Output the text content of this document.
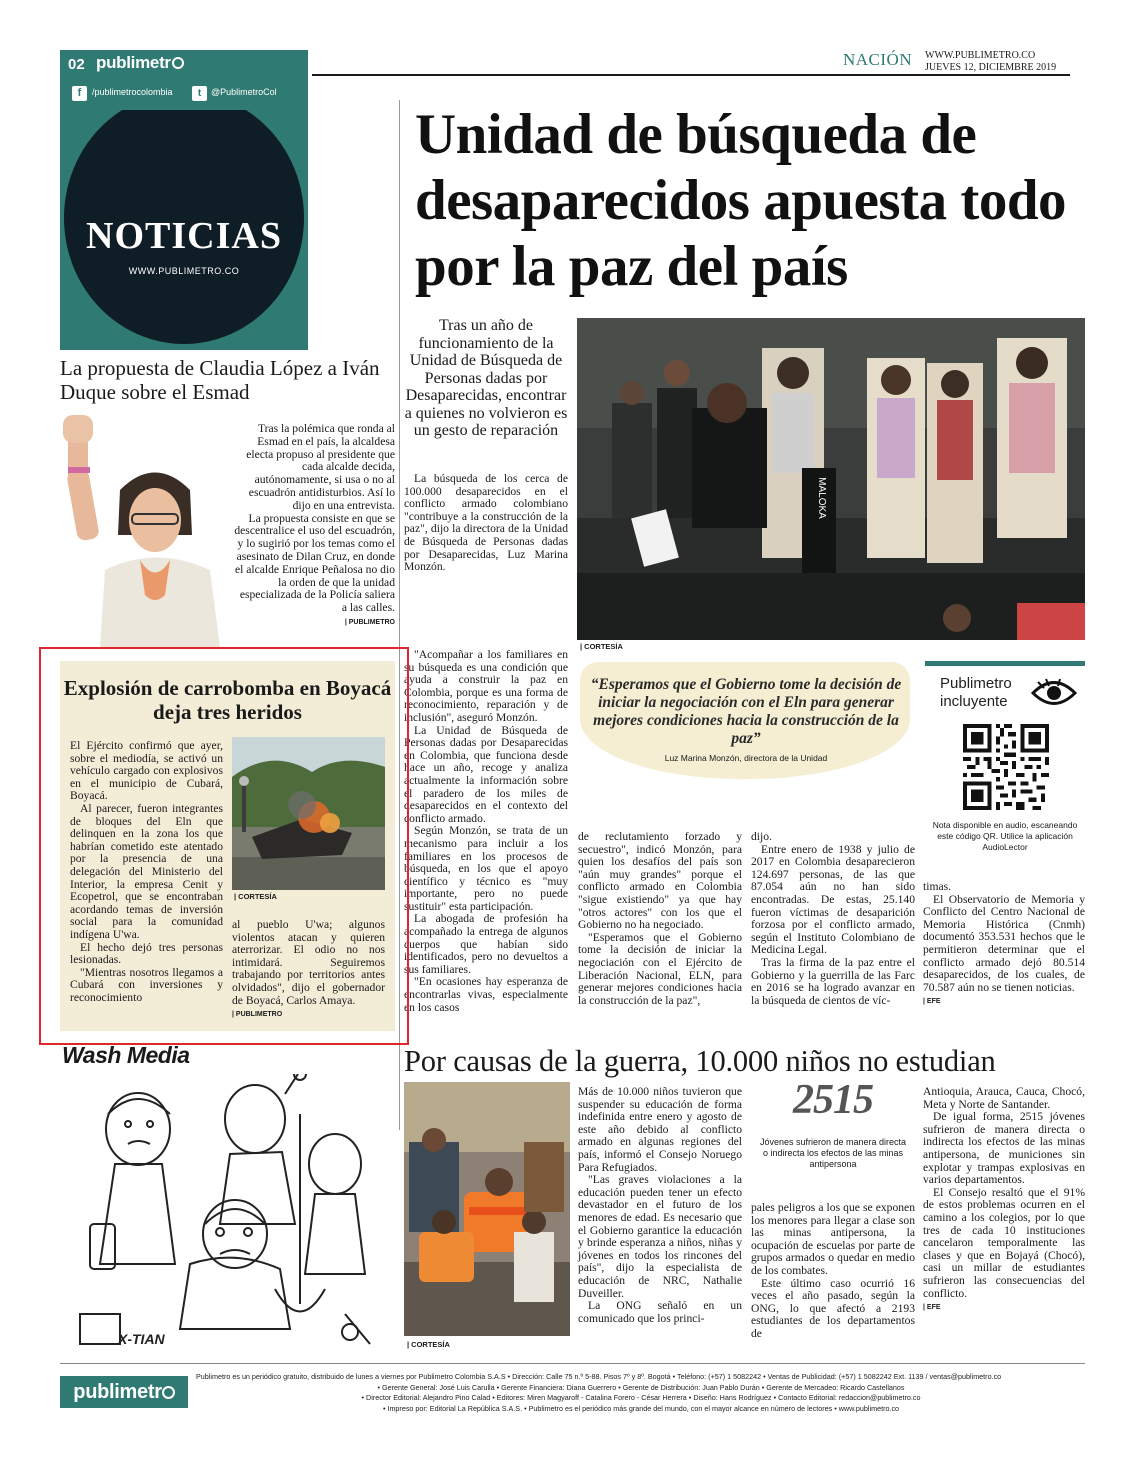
02 publimetr
f	/publimetrocolombia	t	@PublimetroCol
NOTICIAS
WWW.PUBLIMETRO.CO
NACIÓN WWW.PUBLIMETRO.CO
JUEVES 12, DICIEMBRE 2019
Unidad de búsqueda de desaparecidos apuesta todo por la paz del país
Tras un año de funcionamiento de la Unidad de Búsqueda de Personas dadas por Desaparecidas, encontrar a quienes no volvieron es un gesto de reparación
MALOKA
| CORTESÍA

La búsqueda de los cerca de 100.000 desaparecidos en el conflicto armado colombiano "contribuye a la construcción de la paz", dijo la directora de la Unidad de Búsqueda de Personas dadas por Desaparecidas, Luz Marina Monzón.

"Acompañar a los familiares en su búsqueda es una condición que ayuda a construir la paz en Colombia, porque es una forma de reconocimiento, reparación y de inclusión", aseguró Monzón.

La Unidad de Búsqueda de Personas dadas por Desaparecidas en Colombia, que funciona desde hace un año, recoge y analiza actualmente la información sobre el paradero de los miles de desaparecidos en el contexto del conflicto armado.

Según Monzón, se trata de un mecanismo para incluir a los familiares en los procesos de búsqueda, en los que el apoyo científico y técnico es "muy importante, pero no puede sustituir" esta participación.

La abogada de profesión ha acompañado la entrega de algunos cuerpos que habían sido identificados, pero no devueltos a sus familiares.

"En ocasiones hay esperanza de encontrarlas vivas, especialmente en los casos

de reclutamiento forzado y secuestro", indicó Monzón, para quien los desafíos del país son "aún muy grandes" porque el conflicto armado en Colombia "sigue existiendo" ya que hay "otros actores" con los que el Gobierno no ha negociado.

"Esperamos que el Gobierno tome la decisión de iniciar la negociación con el Ejército de Liberación Nacional, ELN, para generar mejores condiciones hacia la construcción de la paz",

dijo.

Entre enero de 1938 y julio de 2017 en Colombia desaparecieron 124.697 personas, de las que 87.054 aún no han sido encontradas. De estas, 25.140 fueron víctimas de desaparición forzosa por el conflicto armado, según el Instituto Colombiano de Medicina Legal.

Tras la firma de la paz entre el Gobierno y la guerrilla de las Farc en 2016 se ha logrado avanzar en la búsqueda de cientos de víc-

timas.

El Observatorio de Memoria y Conflicto del Centro Nacional de Memoria Histórica (Cnmh) documentó 353.531 hechos que le permitieron determinar que el conflicto armado dejó 80.514 desaparecidos, de los cuales, de 70.587 aún no se tienen noticias.

| EFE
“Esperamos que el Gobierno tome la decisión de iniciar la negociación con el Eln para generar mejores condiciones hacia la construcción de la paz”
Luz Marina Monzón, directora de la Unidad
Publimetro incluyente
Nota disponible en audio, escaneando este código QR. Utilice la aplicación AudioLector
La propuesta de Claudia López a Iván Duque sobre el Esmad

Tras la polémica que ronda al Esmad en el país, la alcaldesa electa propuso al presidente que cada alcalde decida, autónomamente, si usa o no al escuadrón antidisturbios. Así lo dijo en una entrevista.

La propuesta consiste en que se descentralice el uso del escuadrón, y lo sugirió por los temas como el asesinato de Dilan Cruz, en donde el alcalde Enrique Peñalosa no dio la orden de que la unidad especializada de la Policía saliera a las calles.

| PUBLIMETRO
Explosión de carrobomba en Boyacá deja tres heridos
| CORTESÍA

El Ejército confirmó que ayer, sobre el mediodía, se activó un vehículo cargado con explosivos en el municipio de Cubará, Boyacá.

Al parecer, fueron integrantes de bloques del Eln que delinquen en la zona los que habrían cometido este atentado por la presencia de una delegación del Ministerio del Interior, la empresa Cenit y Ecopetrol, que se encontraban acordando temas de inversión social para la comunidad indígena U'wa.

El hecho dejó tres personas lesionadas.

"Mientras nosotros llegamos a Cubará con inversiones y reconocimiento

al pueblo U'wa; algunos violentos atacan y quieren aterrorizar. El odio no nos intimidará. Seguiremos trabajando por territorios antes olvidados", dijo el gobernador de Boyacá, Carlos Amaya.

| PUBLIMETRO
Wash Media
X-TIAN
Por causas de la guerra, 10.000 niños no estudian
| CORTESÍA

Más de 10.000 niños tuvieron que suspender su educación de forma indefinida entre enero y agosto de este año debido al conflicto armado en algunas regiones del país, informó el Consejo Noruego Para Refugiados.

"Las graves violaciones a la educación pueden tener un efecto devastador en el futuro de los menores de edad. Es necesario que el Gobierno garantice la educación y brinde esperanza a niños, niñas y jóvenes en todos los rincones del país", dijo la especialista de educación de NRC, Nathalie Duveiller.

La ONG señaló en un comunicado que los princi-

2515
Jóvenes sufrieron de manera directa o indirecta los efectos de las minas antipersona

pales peligros a los que se exponen los menores para llegar a clase son las minas antipersona, la ocupación de escuelas por parte de grupos armados o quedar en medio de los combates.

Este último caso ocurrió 16 veces el año pasado, según la ONG, lo que afectó a 2193 estudiantes de los departamentos de

Antioquia, Arauca, Cauca, Chocó, Meta y Norte de Santander.

De igual forma, 2515 jóvenes sufrieron de manera directa o indirecta los efectos de las minas antipersona, de municiones sin explotar y trampas explosivas en varios departamentos.

El Consejo resaltó que el 91% de estos problemas ocurren en el camino a los colegios, por lo que tres de cada 10 instituciones cancelaron temporalmente las clases y que en Bojayá (Chocó), casi un millar de estudiantes sufrieron las consecuencias del conflicto.

| EFE
publimetr
Publimetro es un periódico gratuito, distribuido de lunes a viernes por Publimetro Colombia S.A.S • Dirección: Calle 75 n.º 5-88. Pisos 7º y 8º. Bogotá • Teléfono: (+57) 1 5082242 • Ventas de Publicidad: (+57) 1 5082242 Ext. 1139 / ventas@publimetro.co
• Gerente General: José Luis Carulla • Gerente Financiera: Diana Guerrero • Gerente de Distribución: Juan Pablo Durán • Gerente de Mercadeo: Ricardo Castellanos
• Director Editorial: Alejandro Pino Calad • Editores: Miren Magyaroff - Catalina Forero - César Herrera • Diseño: Hans Rodríguez • Contacto Editorial: redaccion@publimetro.co
• Impreso por: Editorial La República S.A.S. • Publimetro es el periódico más grande del mundo, con el mayor alcance en número de lectores • www.publimetro.co
